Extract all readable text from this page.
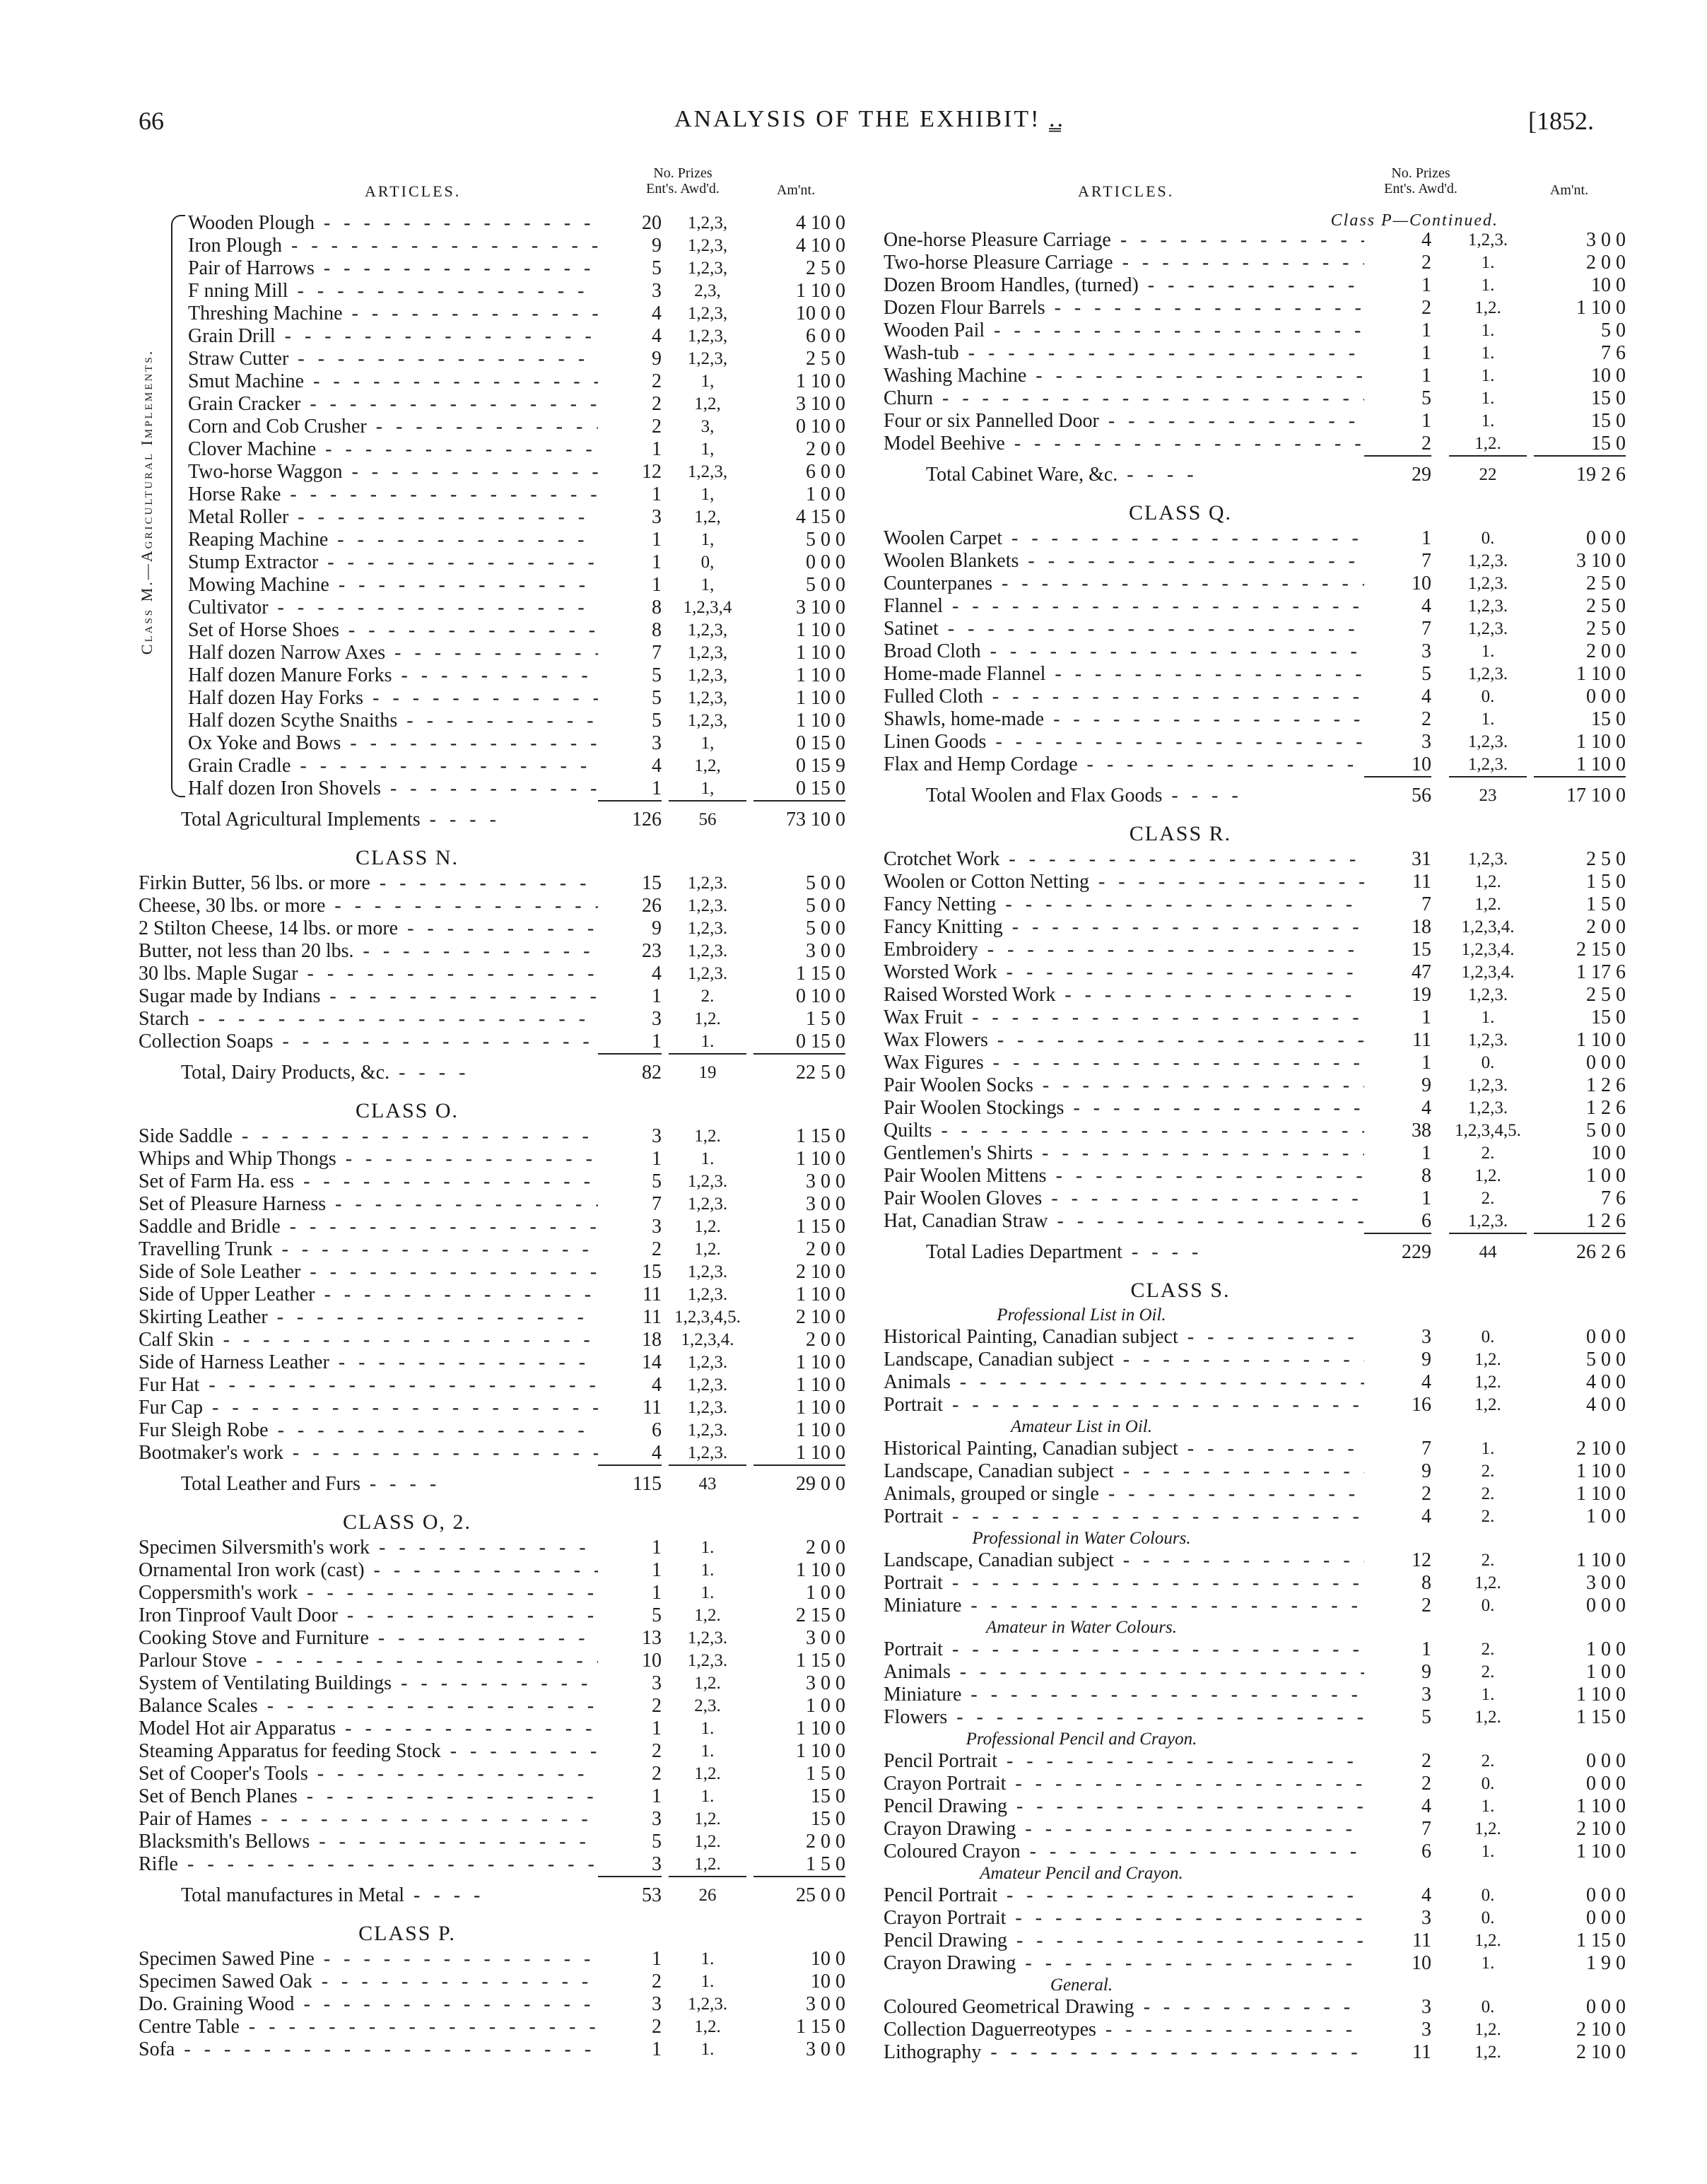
66	ANALYSIS OF THE EXHIBIT! .͇.	[1852.
ARTICLES.
No. Prizes
Ent's. Awd'd.	Am'nt.
Class M.—Agricultural Implements.
Wooden Plough - - -	20	1,2,3,	4 10 0
Iron Plough - - -	9	1,2,3,	4 10 0
Pair of Harrows - - -	5	1,2,3,	2 5 0
F nning Mill - - -	3	2,3,	1 10 0
Threshing Machine - - -	4	1,2,3,	10 0 0
Grain Drill - - -	4	1,2,3,	6 0 0
Straw Cutter - - -	9	1,2,3,	2 5 0
Smut Machine - - -	2	1,	1 10 0
Grain Cracker - - -	2	1,2,	3 10 0
Corn and Cob Crusher - - -	2	3,	0 10 0
Clover Machine - - -	1	1,	2 0 0
Two-horse Waggon - - -	12	1,2,3,	6 0 0
Horse Rake - - -	1	1,	1 0 0
Metal Roller - - -	3	1,2,	4 15 0
Reaping Machine - - -	1	1,	5 0 0
Stump Extractor - - -	1	0,	0 0 0
Mowing Machine - - -	1	1,	5 0 0
Cultivator - - -	8	1,2,3,4	3 10 0
Set of Horse Shoes - - -	8	1,2,3,	1 10 0
Half dozen Narrow Axes - - -	7	1,2,3,	1 10 0
Half dozen Manure Forks - - -	5	1,2,3,	1 10 0
Half dozen Hay Forks - - -	5	1,2,3,	1 10 0
Half dozen Scythe Snaiths - - -	5	1,2,3,	1 10 0
Ox Yoke and Bows - - -	3	1,	0 15 0
Grain Cradle - - -	4	1,2,	0 15 9
Half dozen Iron Shovels - - -	1	1,	0 15 0
Total Agricultural Implements - - - -	126	56	73 10 0
CLASS N.
Firkin Butter, 56 lbs. or more - - -	15	1,2,3.	5 0 0
Cheese, 30 lbs. or more - - -	26	1,2,3.	5 0 0
2 Stilton Cheese, 14 lbs. or more - - -	9	1,2,3.	5 0 0
Butter, not less than 20 lbs. - - -	23	1,2,3.	3 0 0
30 lbs. Maple Sugar - - -	4	1,2,3.	1 15 0
Sugar made by Indians - - -	1	2.	0 10 0
Starch - - -	3	1,2.	1 5 0
Collection Soaps - - -	1	1.	0 15 0
Total, Dairy Products, &c. - - - -	82	19	22 5 0
CLASS O.
Side Saddle - - -	3	1,2.	1 15 0
Whips and Whip Thongs - - -	1	1.	1 10 0
Set of Farm Ha. ess - - -	5	1,2,3.	3 0 0
Set of Pleasure Harness - - -	7	1,2,3.	3 0 0
Saddle and Bridle - - -	3	1,2.	1 15 0
Travelling Trunk - - -	2	1,2.	2 0 0
Side of Sole Leather - - -	15	1,2,3.	2 10 0
Side of Upper Leather - - -	11	1,2,3.	1 10 0
Skirting Leather - - -	11 1,2,3,4,5.	2 10 0
Calf Skin - - -	18	1,2,3,4.	2 0 0
Side of Harness Leather - - -	14	1,2,3.	1 10 0
Fur Hat - - -	4	1,2,3.	1 10 0
Fur Cap - - -	11	1,2,3.	1 10 0
Fur Sleigh Robe - - -	6	1,2,3.	1 10 0
Bootmaker's work - - -	4	1,2,3.	1 10 0
Total Leather and Furs - - - -	115	43	29 0 0
CLASS O, 2.
Specimen Silversmith's work - - -	1	1.	2 0 0
Ornamental Iron work (cast) - - -	1	1.	1 10 0
Coppersmith's work - - -	1	1.	1 0 0
Iron Tinproof Vault Door - - -	5	1,2.	2 15 0
Cooking Stove and Furniture - - -	13	1,2,3.	3 0 0
Parlour Stove - - -	10	1,2,3.	1 15 0
System of Ventilating Buildings - - -	3	1,2.	3 0 0
Balance Scales - - -	2	2,3.	1 0 0
Model Hot air Apparatus - - -	1	1.	1 10 0
Steaming Apparatus for feeding Stock - - -	2	1.	1 10 0
Set of Cooper's Tools - - -	2	1,2.	1 5 0
Set of Bench Planes - - -	1	1.	15 0
Pair of Hames - - -	3	1,2.	15 0
Blacksmith's Bellows - - -	5	1,2.	2 0 0
Rifle - - -	3	1,2.	1 5 0
Total manufactures in Metal - - - -	53	26	25 0 0
CLASS P.
Specimen Sawed Pine - - -	1	1.	10 0
Specimen Sawed Oak - - -	2	1.	10 0
Do. Graining Wood - - -	3	1,2,3.	3 0 0
Centre Table - - -	2	1,2.	1 15 0
Sofa - - -	1	1.	3 0 0
ARTICLES.
No. Prizes
Ent's. Awd'd.	Am'nt.
Class P—Continued.
One-horse Pleasure Carriage - - -	4	1,2,3.	3 0 0
Two-horse Pleasure Carriage - - -	2	1.	2 0 0
Dozen Broom Handles, (turned) - - -	1	1.	10 0
Dozen Flour Barrels - - -	2	1,2.	1 10 0
Wooden Pail - - -	1	1.	5 0
Wash-tub - - -	1	1.	7 6
Washing Machine - - -	1	1.	10 0
Churn - - -	5	1.	15 0
Four or six Pannelled Door - - -	1	1.	15 0
Model Beehive - - -	2	1,2.	15 0
Total Cabinet Ware, &c. - - - -	29	22	19 2 6
CLASS Q.
Woolen Carpet - - -	1	0.	0 0 0
Woolen Blankets - - -	7	1,2,3.	3 10 0
Counterpanes - - -	10	1,2,3.	2 5 0
Flannel - - -	4	1,2,3.	2 5 0
Satinet - - -	7	1,2,3.	2 5 0
Broad Cloth - - -	3	1.	2 0 0
Home-made Flannel - - -	5	1,2,3.	1 10 0
Fulled Cloth - - -	4	0.	0 0 0
Shawls, home-made - - -	2	1.	15 0
Linen Goods - - -	3	1,2,3.	1 10 0
Flax and Hemp Cordage - - -	10	1,2,3.	1 10 0
Total Woolen and Flax Goods - - - -	56	23	17 10 0
CLASS R.
Crotchet Work - - -	31	1,2,3.	2 5 0
Woolen or Cotton Netting - - -	11	1,2.	1 5 0
Fancy Netting - - -	7	1,2.	1 5 0
Fancy Knitting - - -	18	1,2,3,4.	2 0 0
Embroidery - - -	15	1,2,3,4.	2 15 0
Worsted Work - - -	47	1,2,3,4.	1 17 6
Raised Worsted Work - - -	19	1,2,3.	2 5 0
Wax Fruit - - -	1	1.	15 0
Wax Flowers - - -	11	1,2,3.	1 10 0
Wax Figures - - -	1	0.	0 0 0
Pair Woolen Socks - - -	9	1,2,3.	1 2 6
Pair Woolen Stockings - - -	4	1,2,3.	1 2 6
Quilts - - -	38	1,2,3,4,5.	5 0 0
Gentlemen's Shirts - - -	1	2.	10 0
Pair Woolen Mittens - - -	8	1,2.	1 0 0
Pair Woolen Gloves - - -	1	2.	7 6
Hat, Canadian Straw - - -	6	1,2,3.	1 2 6
Total Ladies Department - - - -	229	44	26 2 6
CLASS S.
Professional List in Oil.
Historical Painting, Canadian subject - - -	3	0.	0 0 0
Landscape, Canadian subject - - -	9	1,2.	5 0 0
Animals - - -	4	1,2.	4 0 0
Portrait - - -	16	1,2.	4 0 0
Amateur List in Oil.
Historical Painting, Canadian subject - - -	7	1.	2 10 0
Landscape, Canadian subject - - -	9	2.	1 10 0
Animals, grouped or single - - -	2	2.	1 10 0
Portrait - - -	4	2.	1 0 0
Professional in Water Colours.
Landscape, Canadian subject - - -	12	2.	1 10 0
Portrait - - -	8	1,2.	3 0 0
Miniature - - -	2	0.	0 0 0
Amateur in Water Colours.
Portrait - - -	1	2.	1 0 0
Animals - - -	9	2.	1 0 0
Miniature - - -	3	1.	1 10 0
Flowers - - -	5	1,2.	1 15 0
Professional Pencil and Crayon.
Pencil Portrait - - -	2	2.	0 0 0
Crayon Portrait - - -	2	0.	0 0 0
Pencil Drawing - - -	4	1.	1 10 0
Crayon Drawing - - -	7	1,2.	2 10 0
Coloured Crayon - - -	6	1.	1 10 0
Amateur Pencil and Crayon.
Pencil Portrait - - -	4	0.	0 0 0
Crayon Portrait - - -	3	0.	0 0 0
Pencil Drawing - - -	11	1,2.	1 15 0
Crayon Drawing - - -	10	1.	1 9 0
General.
Coloured Geometrical Drawing - - -	3	0.	0 0 0
Collection Daguerreotypes - - -	3	1,2.	2 10 0
Lithography - - -	11	1,2.	2 10 0
